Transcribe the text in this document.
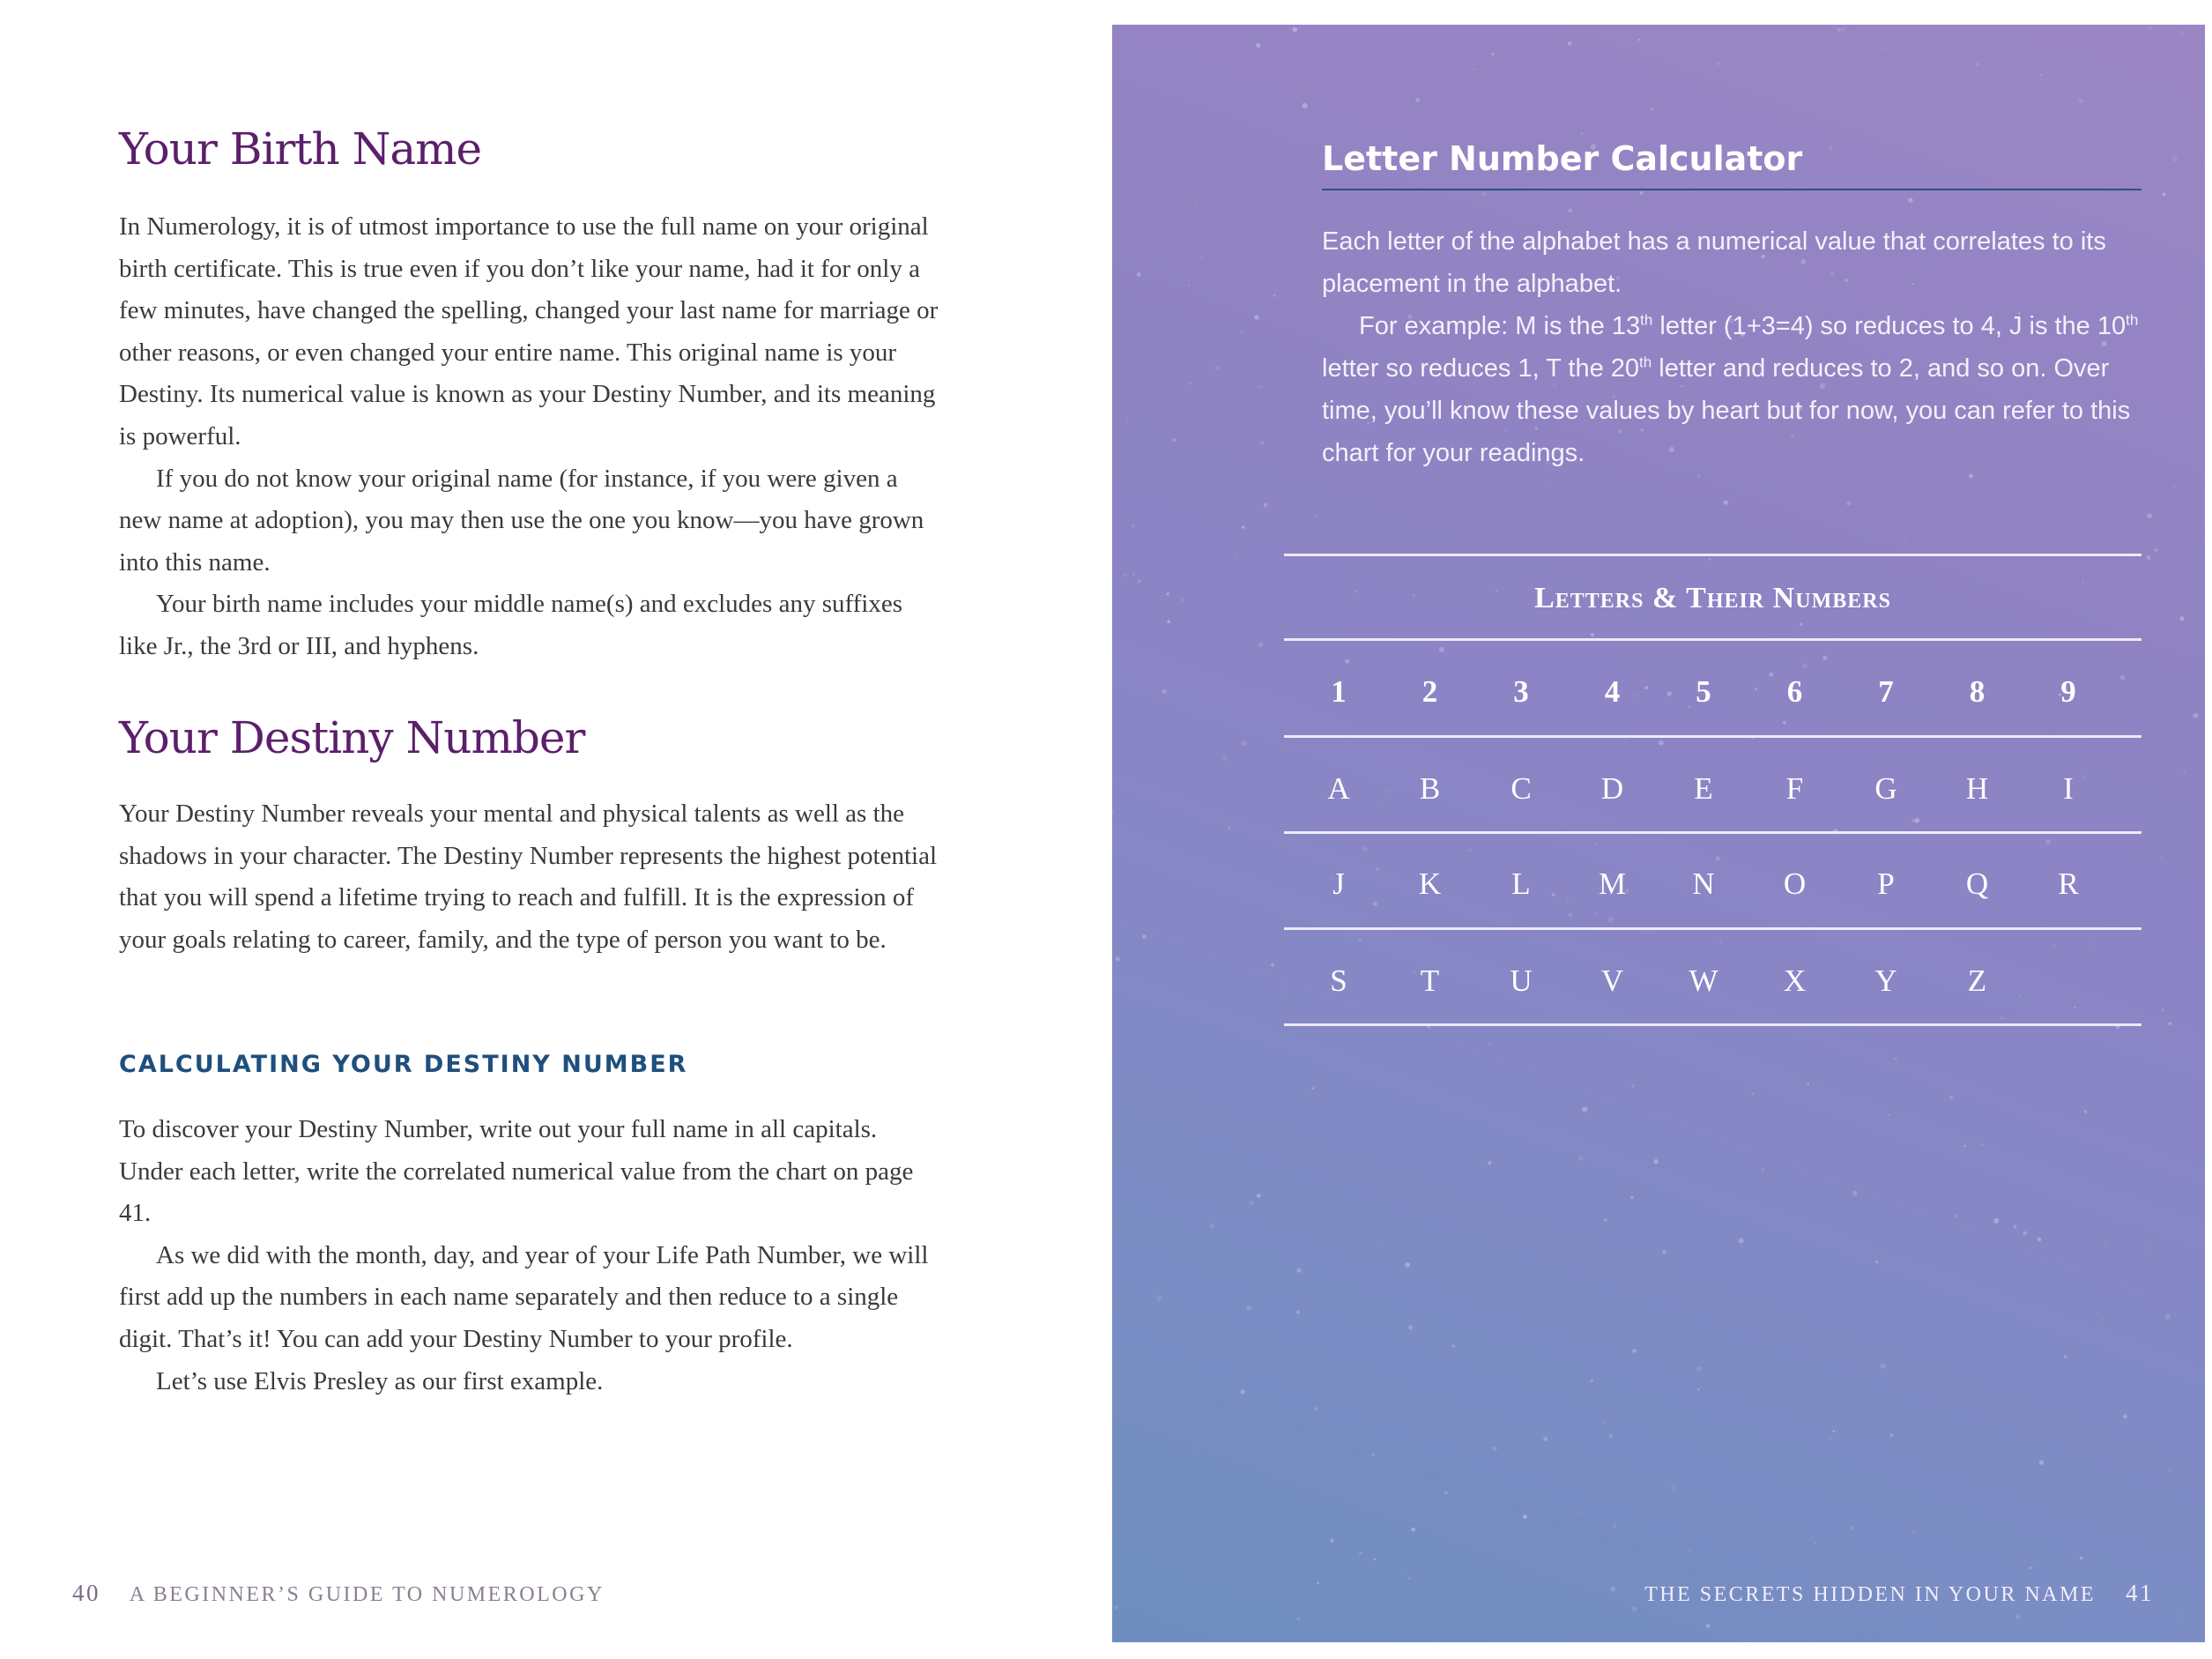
Your Birth Name

In Numerology, it is of utmost importance to use the full name on your original birth certificate. This is true even if you don’t like your name, had it for only a few minutes, have changed the spelling, changed your last name for marriage or other reasons, or even changed your entire name. This original name is your Destiny. Its numerical value is known as your Destiny Number, and its meaning is powerful.

If you do not know your original name (for instance, if you were given a new name at adoption), you may then use the one you know—you have grown into this name.

Your birth name includes your middle name(s) and excludes any suffixes like Jr., the 3rd or III, and hyphens.

Your Destiny Number

Your Destiny Number reveals your mental and physical talents as well as the shadows in your character. The Destiny Number represents the highest potential that you will spend a lifetime trying to reach and fulfill. It is the expression of your goals relating to career, family, and the type of person you want to be.

CALCULATING YOUR DESTINY NUMBER

To discover your Destiny Number, write out your full name in all capitals. Under each letter, write the correlated numerical value from the chart on page 41.

As we did with the month, day, and year of your Life Path Number, we will first add up the numbers in each name separately and then reduce to a single digit. That’s it! You can add your Destiny Number to your profile.

Let’s use Elvis Presley as our first example.

40 A BEGINNER’S GUIDE TO NUMEROLOGY
Letter Number Calculator

Each letter of the alphabet has a numerical value that correlates to its placement in the alphabet.

For example: M is the 13th letter (1+3=4) so reduces to 4, J is the 10th letter so reduces 1, T the 20th letter and reduces to 2, and so on. Over time, you’ll know these values by heart but for now, you can refer to this chart for your readings.

Letters & Their Numbers
1	2	3	4	5	6	7	8	9
A	B	C	D	E	F	G	H	I
J	K	L	M	N	O	P	Q	R
S	T	U	V	W	X	Y	Z
THE SECRETS HIDDEN IN YOUR NAME 41
